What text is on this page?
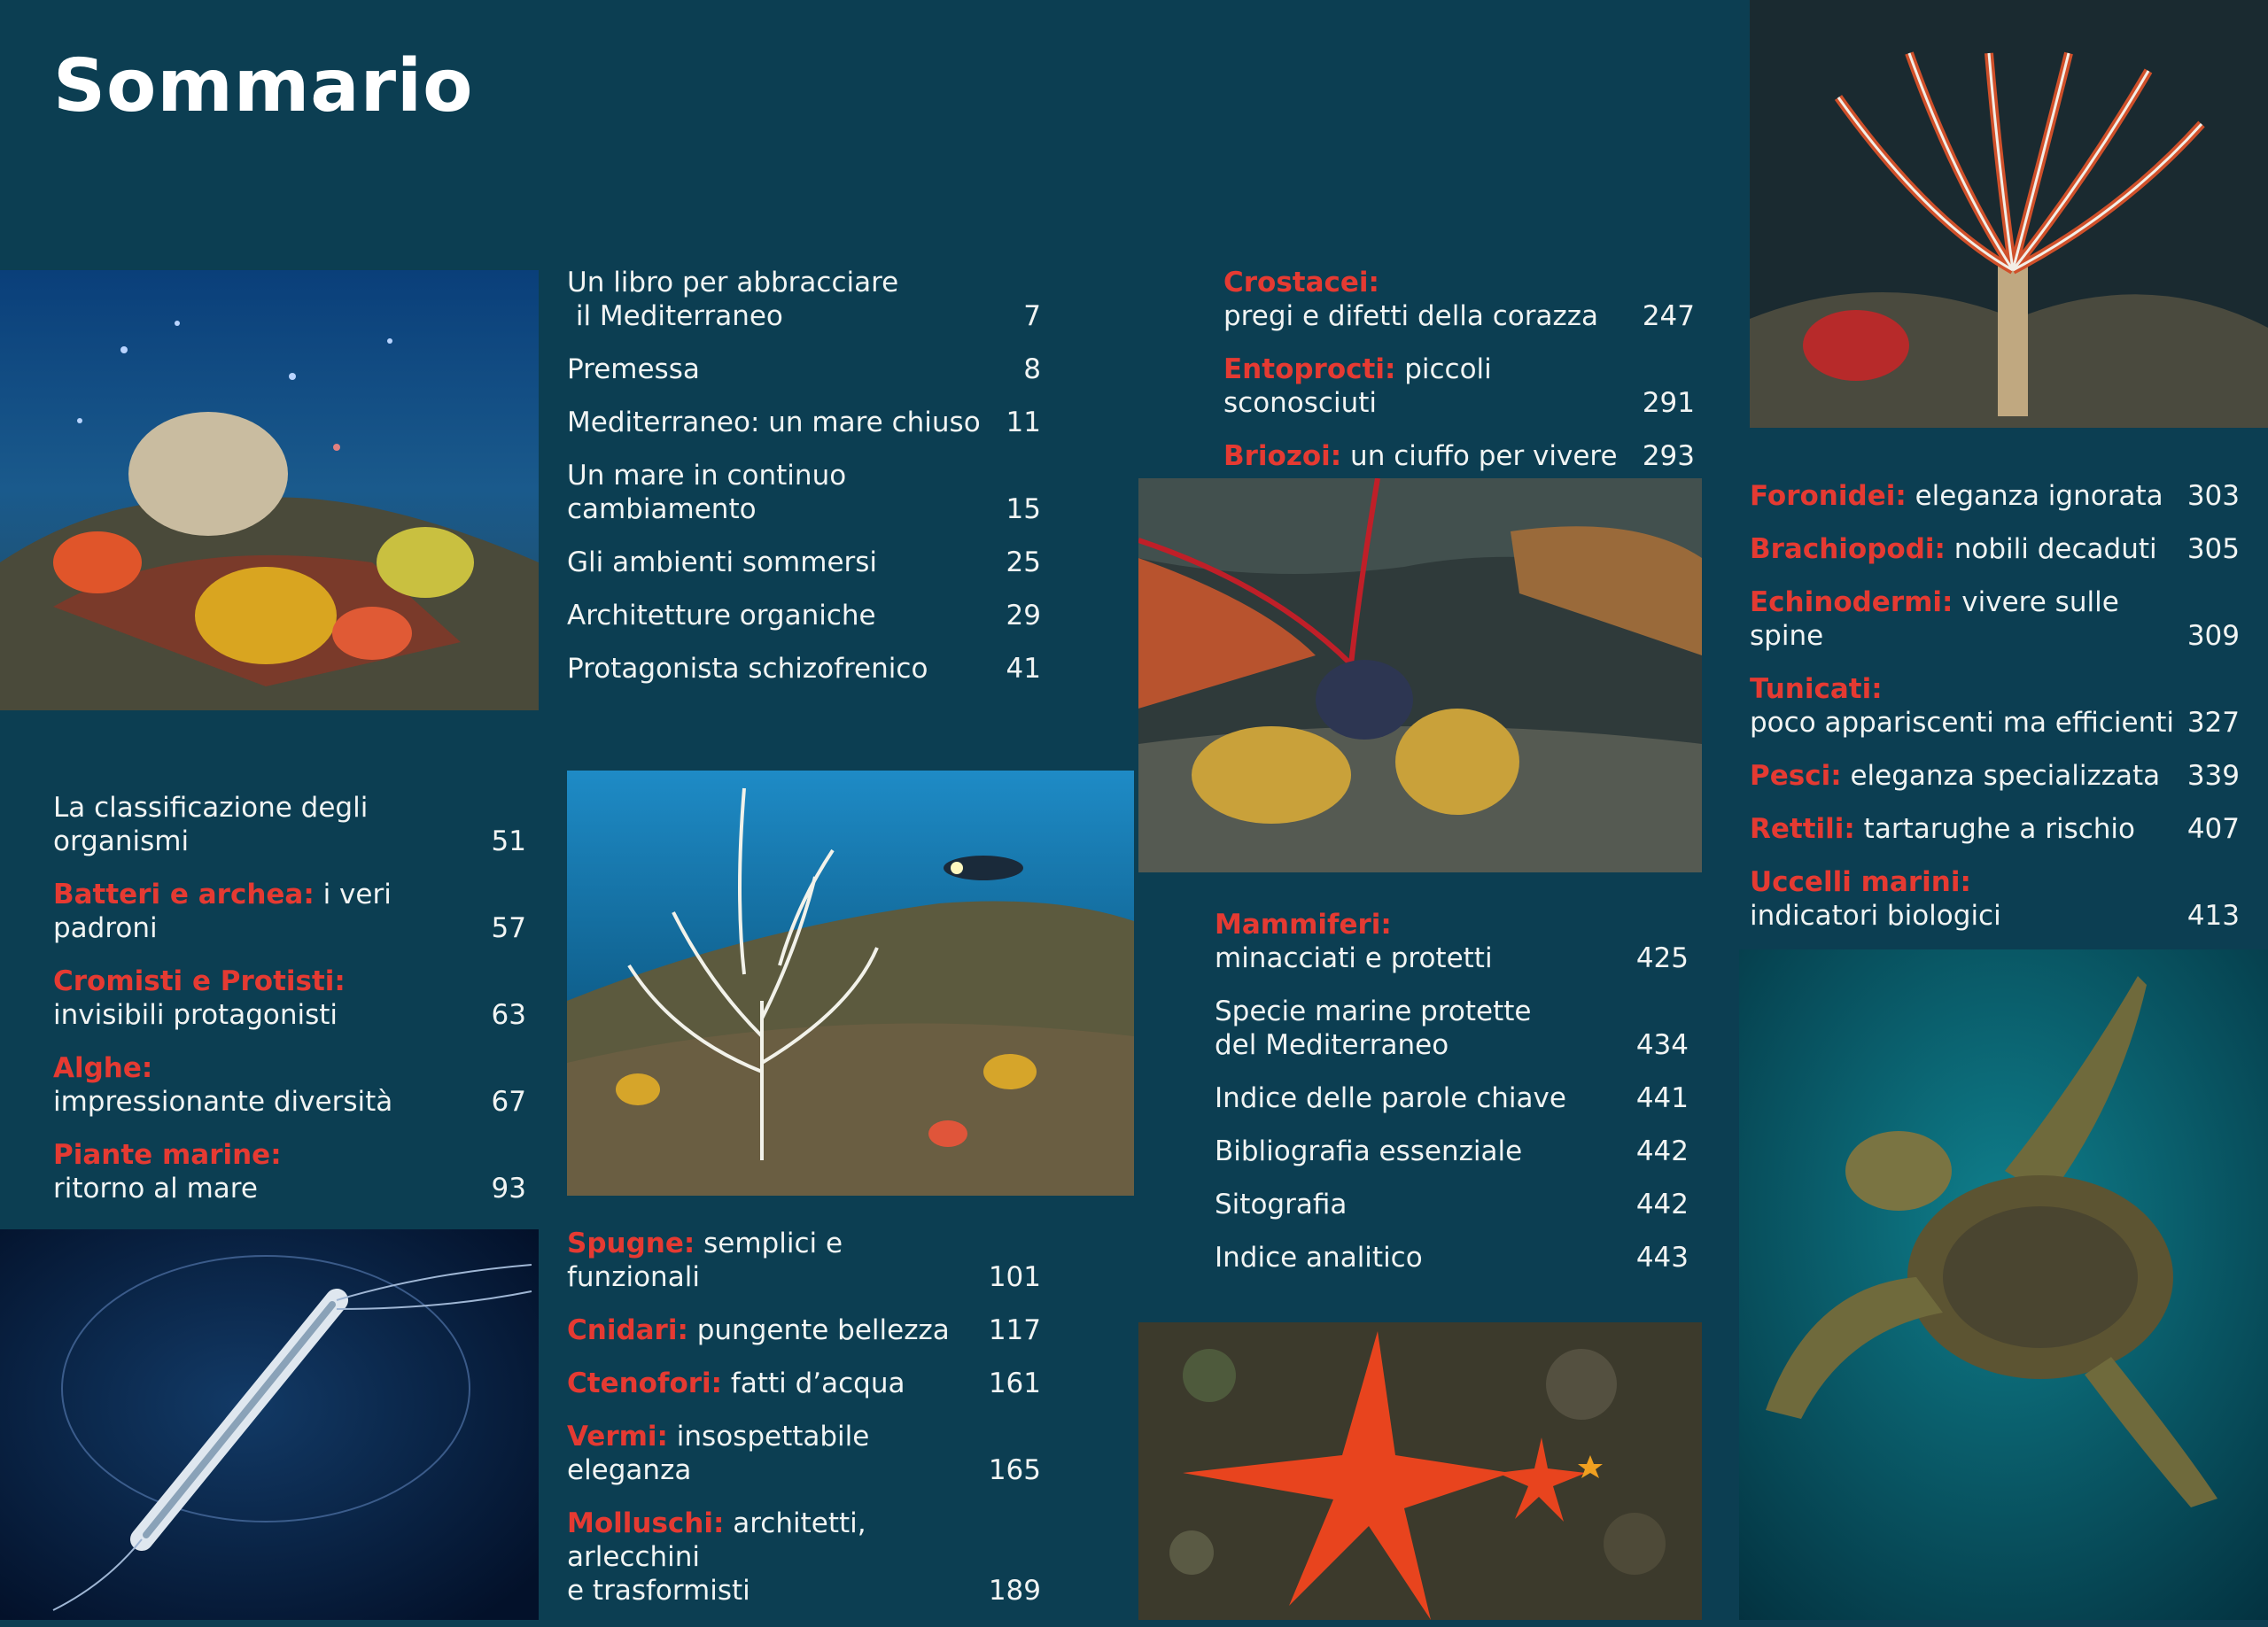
Sommario
La classificazione degli organismi	51
Batteri e archea: i veri padroni	57
Cromisti e Protisti:
invisibili protagonisti	63
Alghe:
impressionante diversità	67
Piante marine:
ritorno al mare	93
Un libro per abbracciare
il Mediterraneo	7
Premessa	8
Mediterraneo: un mare chiuso 11
Un mare in continuo
cambiamento	15
Gli ambienti sommersi	25
Architetture organiche	29
Protagonista schizofrenico	41
Spugne: semplici e funzionali	101
Cnidari: pungente bellezza	117
Ctenofori: fatti d’acqua	161
Vermi: insospettabile eleganza	165
Molluschi: architetti, arlecchini
e trasformisti	189
Crostacei:
pregi e difetti della corazza	247
Entoprocti: piccoli sconosciuti	291
Briozoi: un ciuffo per vivere 293
Mammiferi:
minacciati e protetti	425
Specie marine protette
del Mediterraneo	434
Indice delle parole chiave	441
Bibliografia essenziale	442
Sitografia	442
Indice analitico	443
Foronidei: eleganza ignorata 303
Brachiopodi: nobili decaduti	305
Echinodermi: vivere sulle spine	309
Tunicati:
poco appariscenti ma efficienti 327
Pesci: eleganza specializzata 339
Rettili: tartarughe a rischio	407
Uccelli marini:
indicatori biologici	413
